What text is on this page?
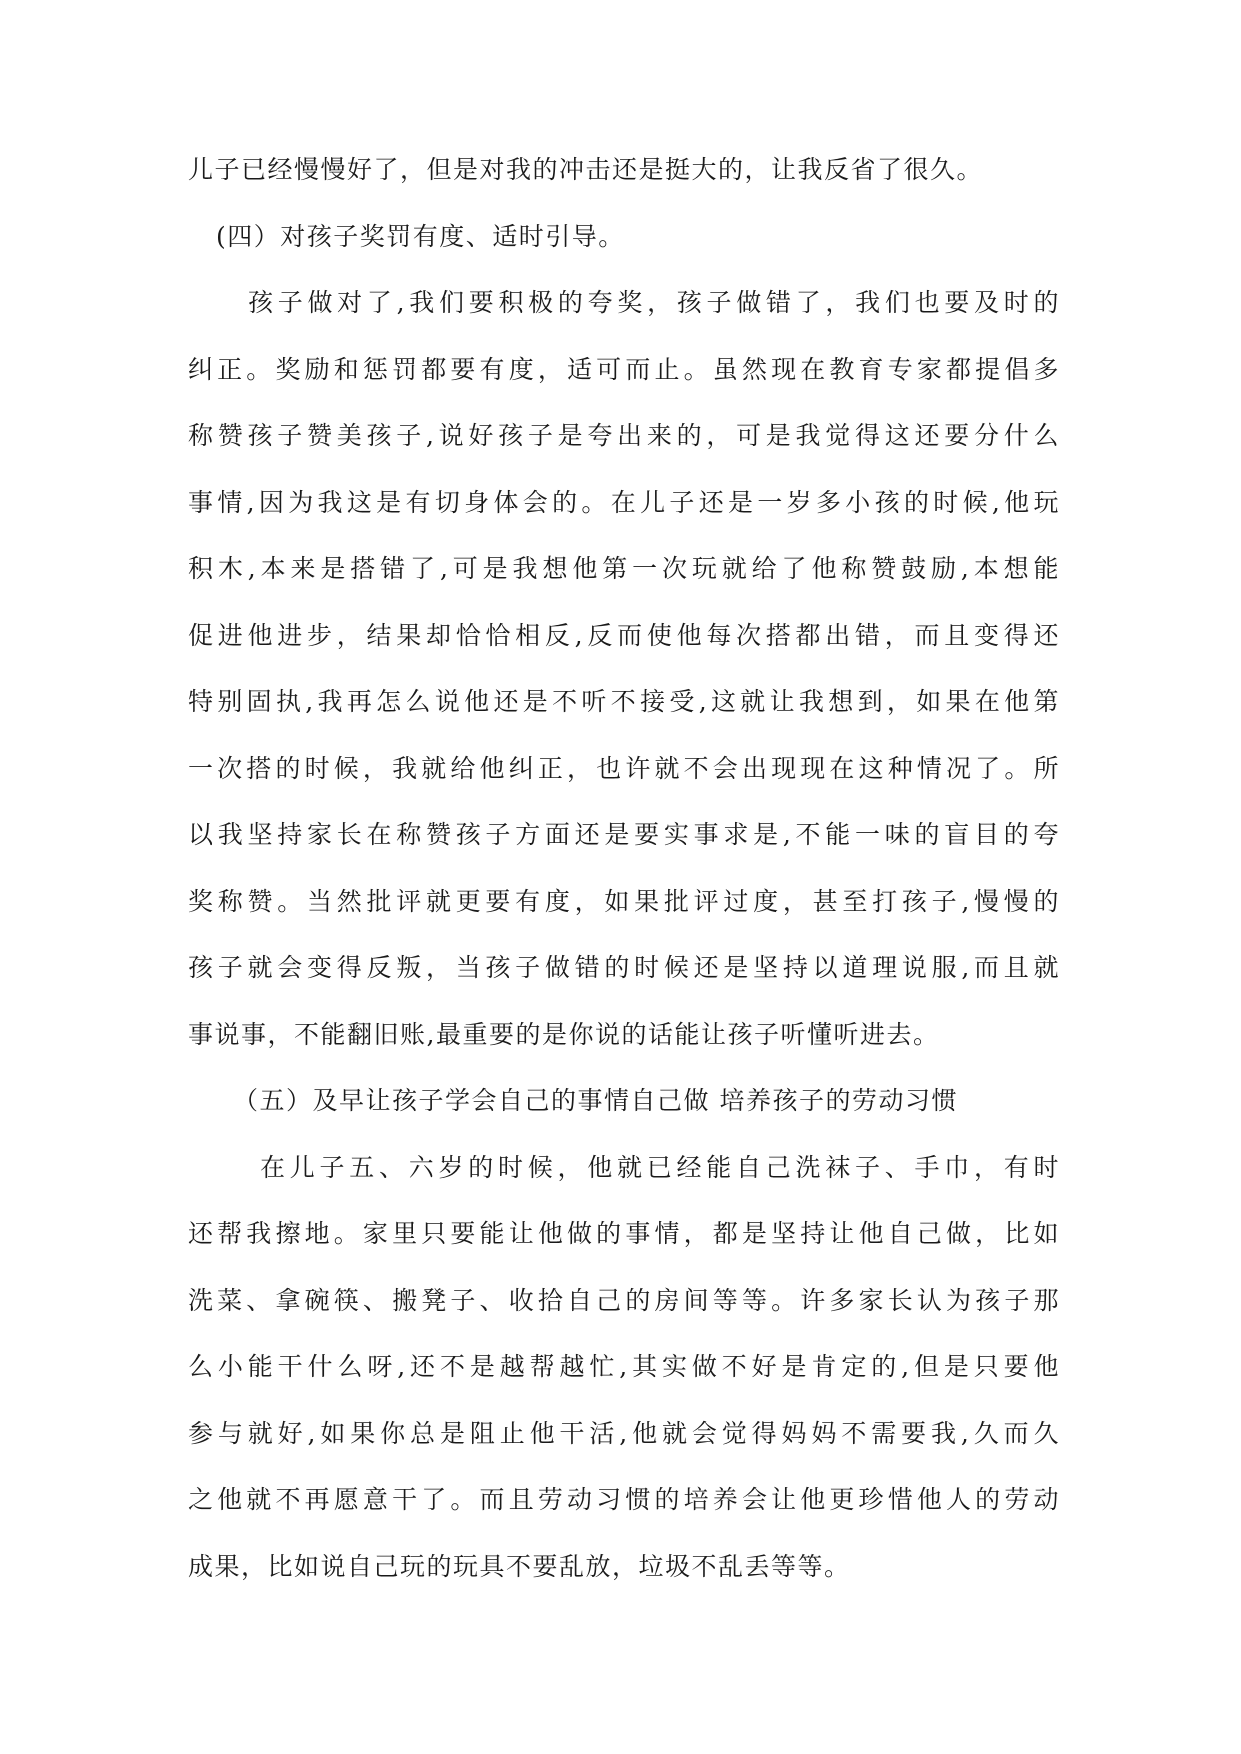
儿子已经慢慢好了，但是对我的冲击还是挺大的，让我反省了很久。
(四）对孩子奖罚有度、适时引导。
孩子做对了,我们要积极的夸奖，孩子做错了，我们也要及时的
纠正。奖励和惩罚都要有度，适可而止。虽然现在教育专家都提倡多
称赞孩子赞美孩子,说好孩子是夸出来的，可是我觉得这还要分什么
事情,因为我这是有切身体会的。在儿子还是一岁多小孩的时候,他玩
积木,本来是搭错了,可是我想他第一次玩就给了他称赞鼓励,本想能
促进他进步，结果却恰恰相反,反而使他每次搭都出错，而且变得还
特别固执,我再怎么说他还是不听不接受,这就让我想到，如果在他第
一次搭的时候，我就给他纠正，也许就不会出现现在这种情况了。所
以我坚持家长在称赞孩子方面还是要实事求是,不能一味的盲目的夸
奖称赞。当然批评就更要有度，如果批评过度，甚至打孩子,慢慢的
孩子就会变得反叛，当孩子做错的时候还是坚持以道理说服,而且就
事说事，不能翻旧账,最重要的是你说的话能让孩子听懂听进去。
（五）及早让孩子学会自己的事情自己做 培养孩子的劳动习惯
在儿子五、六岁的时候，他就已经能自己洗袜子、手巾，有时
还帮我擦地。家里只要能让他做的事情，都是坚持让他自己做，比如
洗菜、拿碗筷、搬凳子、收拾自己的房间等等。许多家长认为孩子那
么小能干什么呀,还不是越帮越忙,其实做不好是肯定的,但是只要他
参与就好,如果你总是阻止他干活,他就会觉得妈妈不需要我,久而久
之他就不再愿意干了。而且劳动习惯的培养会让他更珍惜他人的劳动
成果，比如说自己玩的玩具不要乱放，垃圾不乱丢等等。
